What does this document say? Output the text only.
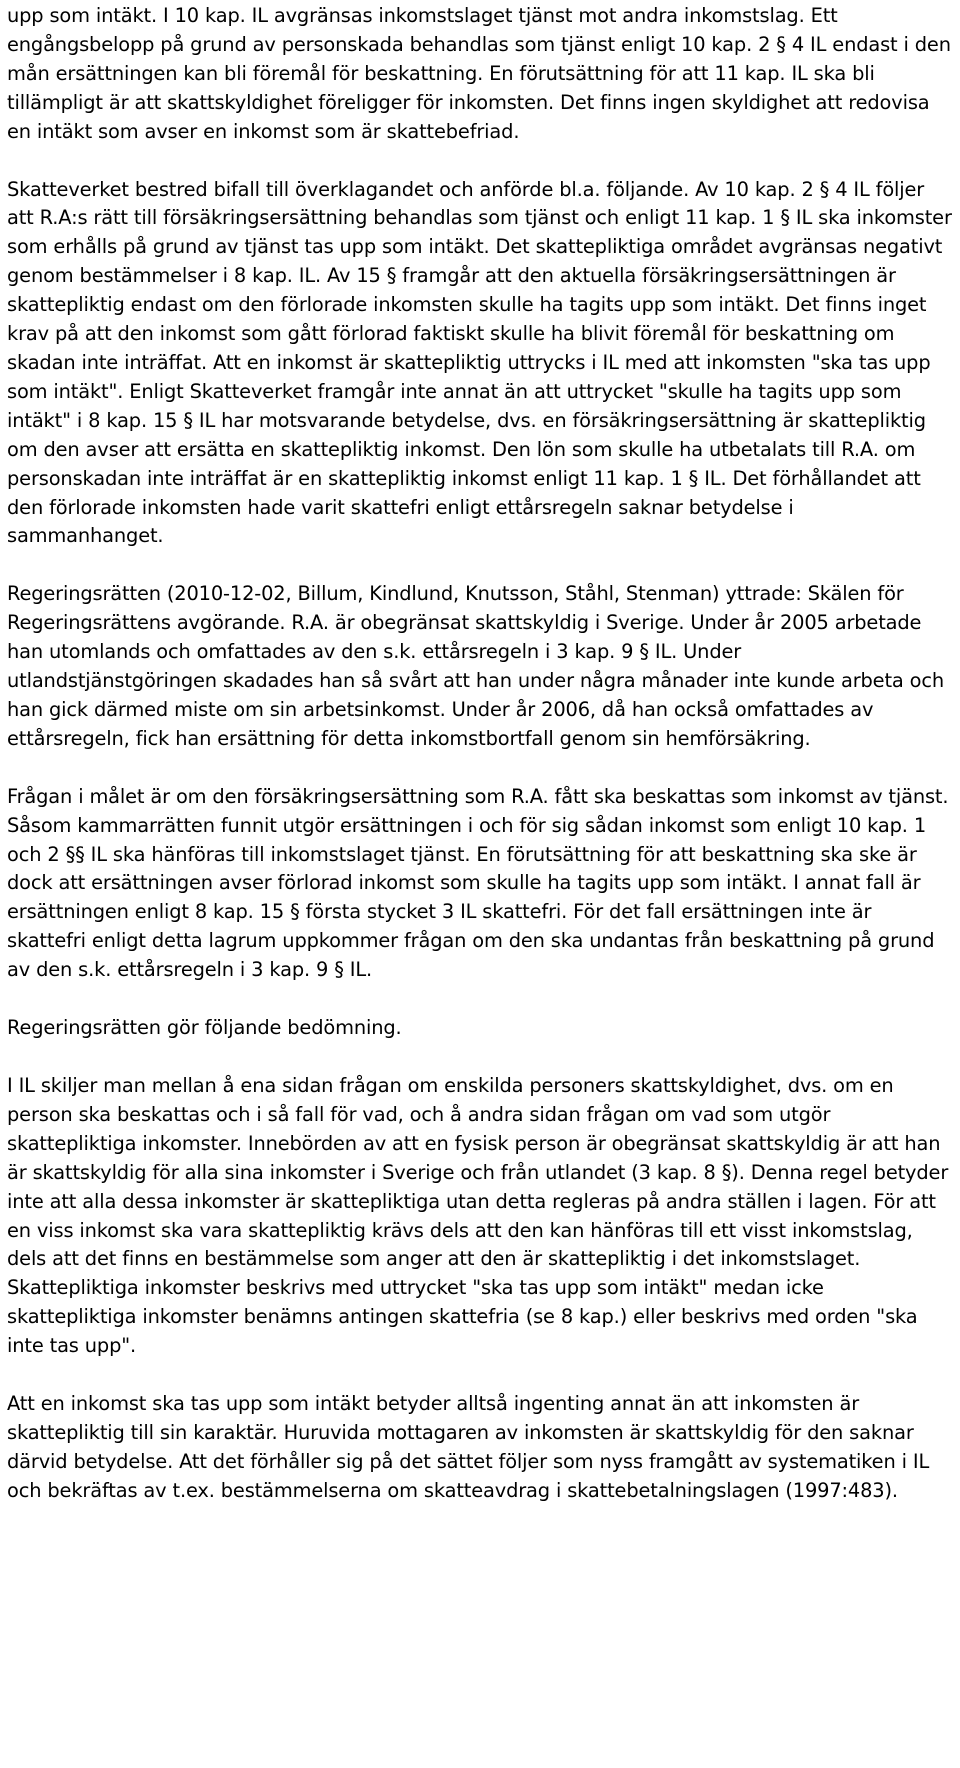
upp som intäkt. I 10 kap. IL avgränsas inkomstslaget tjänst mot andra inkomstslag. Ett engångsbelopp på grund av personskada behandlas som tjänst enligt 10 kap. 2 § 4 IL endast i den mån ersättningen kan bli föremål för beskattning. En förutsättning för att 11 kap. IL ska bli tillämpligt är att skattskyldighet föreligger för inkomsten. Det finns ingen skyldighet att redovisa en intäkt som avser en inkomst som är skattebefriad.

Skatteverket bestred bifall till överklagandet och anförde bl.a. följande. Av 10 kap. 2 § 4 IL följer att R.A:s rätt till försäkringsersättning behandlas som tjänst och enligt 11 kap. 1 § IL ska inkomster som erhålls på grund av tjänst tas upp som intäkt. Det skattepliktiga området avgränsas negativt genom bestämmelser i 8 kap. IL. Av 15 § framgår att den aktuella försäkringsersättningen är skattepliktig endast om den förlorade inkomsten skulle ha tagits upp som intäkt. Det finns inget krav på att den inkomst som gått förlorad faktiskt skulle ha blivit föremål för beskattning om skadan inte inträffat. Att en inkomst är skattepliktig uttrycks i IL med att inkomsten "ska tas upp som intäkt". Enligt Skatteverket framgår inte annat än att uttrycket "skulle ha tagits upp som intäkt" i 8 kap. 15 § IL har motsvarande betydelse, dvs. en försäkringsersättning är skattepliktig om den avser att ersätta en skattepliktig inkomst. Den lön som skulle ha utbetalats till R.A. om personskadan inte inträffat är en skattepliktig inkomst enligt 11 kap. 1 § IL. Det förhållandet att den förlorade inkomsten hade varit skattefri enligt ettårsregeln saknar betydelse i sammanhanget.

Regeringsrätten (2010-12-02, Billum, Kindlund, Knutsson, Ståhl, Stenman) yttrade: Skälen för Regeringsrättens avgörande. R.A. är obegränsat skattskyldig i Sverige. Under år 2005 arbetade han utomlands och omfattades av den s.k. ettårsregeln i 3 kap. 9 § IL. Under utlandstjänstgöringen skadades han så svårt att han under några månader inte kunde arbeta och han gick därmed miste om sin arbetsinkomst. Under år 2006, då han också omfattades av ettårsregeln, fick han ersättning för detta inkomstbortfall genom sin hemförsäkring.

Frågan i målet är om den försäkringsersättning som R.A. fått ska beskattas som inkomst av tjänst. Såsom kammarrätten funnit utgör ersättningen i och för sig sådan inkomst som enligt 10 kap. 1 och 2 §§ IL ska hänföras till inkomstslaget tjänst. En förutsättning för att beskattning ska ske är dock att ersättningen avser förlorad inkomst som skulle ha tagits upp som intäkt. I annat fall är ersättningen enligt 8 kap. 15 § första stycket 3 IL skattefri. För det fall ersättningen inte är skattefri enligt detta lagrum uppkommer frågan om den ska undantas från beskattning på grund av den s.k. ettårsregeln i 3 kap. 9 § IL.

Regeringsrätten gör följande bedömning.

I IL skiljer man mellan å ena sidan frågan om enskilda personers skattskyldighet, dvs. om en person ska beskattas och i så fall för vad, och å andra sidan frågan om vad som utgör skattepliktiga inkomster. Innebörden av att en fysisk person är obegränsat skattskyldig är att han är skattskyldig för alla sina inkomster i Sverige och från utlandet (3 kap. 8 §). Denna regel betyder inte att alla dessa inkomster är skattepliktiga utan detta regleras på andra ställen i lagen. För att en viss inkomst ska vara skattepliktig krävs dels att den kan hänföras till ett visst inkomstslag, dels att det finns en bestämmelse som anger att den är skattepliktig i det inkomstslaget. Skattepliktiga inkomster beskrivs med uttrycket "ska tas upp som intäkt" medan icke skattepliktiga inkomster benämns antingen skattefria (se 8 kap.) eller beskrivs med orden "ska inte tas upp".

Att en inkomst ska tas upp som intäkt betyder alltså ingenting annat än att inkomsten är skattepliktig till sin karaktär. Huruvida mottagaren av inkomsten är skattskyldig för den saknar därvid betydelse. Att det förhåller sig på det sättet följer som nyss framgått av systematiken i IL och bekräftas av t.ex. bestämmelserna om skatteavdrag i skattebetalningslagen (1997:483).
